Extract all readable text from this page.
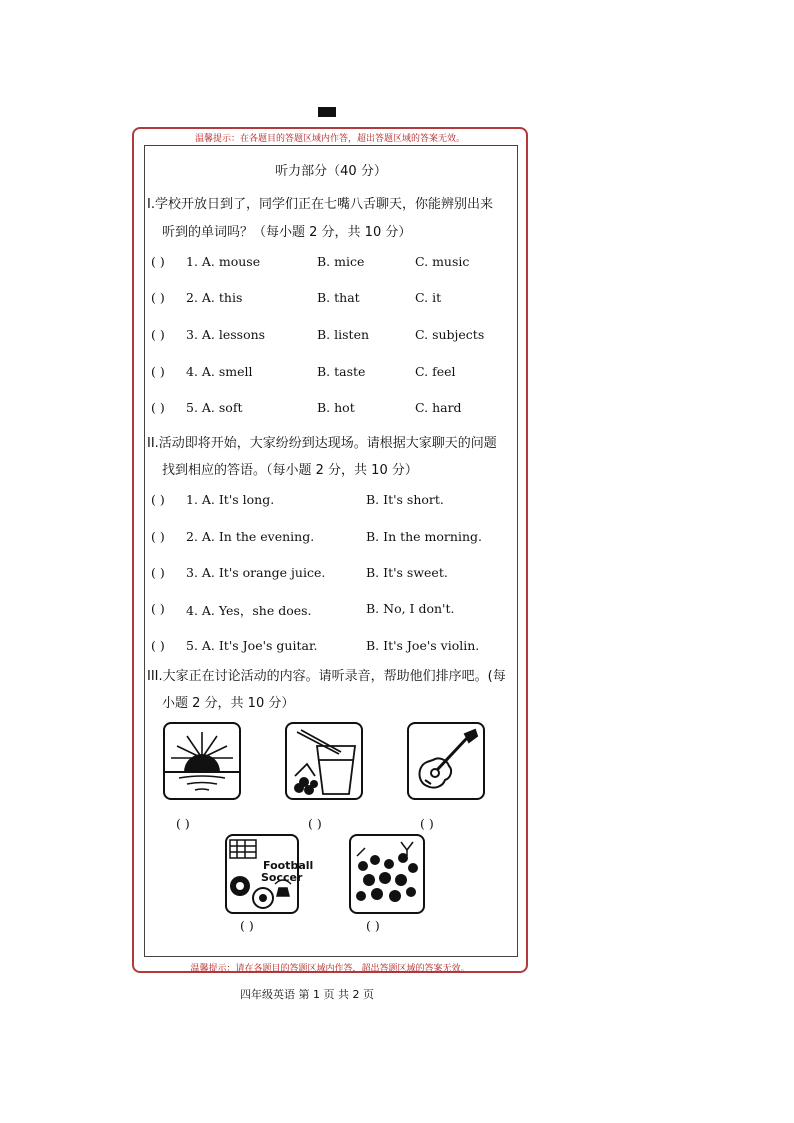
温馨提示：在各题目的答题区域内作答，超出答题区域的答案无效。
听力部分（40 分）
I.学校开放日到了，同学们正在七嘴八舌聊天，你能辨别出来
听到的单词吗？（每小题 2 分，共 10 分）
( ) 1. A. mouse	B. mice	C. music
( ) 2. A. this	B. that	C. it
( ) 3. A. lessons	B. listen	C. subjects
( ) 4. A. smell	B. taste	C. feel
( ) 5. A. soft	B. hot	C. hard
II.活动即将开始，大家纷纷到达现场。请根据大家聊天的问题
找到相应的答语。（每小题 2 分，共 10 分）
( ) 1. A. It's long.	B. It's short.
( ) 2. A. In the evening.	B. In the morning.
( ) 3. A. It's orange juice.	B. It's sweet.
( ) 4. A. Yes，she does.	B. No, I don't.
( ) 5. A. It's Joe's guitar.	B. It's Joe's violin.
III.大家正在讨论活动的内容。请听录音，帮助他们排序吧。(每
小题 2 分，共 10 分）
( )	( )	( )
Football
Soccer
( )	( )
温馨提示：请在各题目的答题区域内作答，超出答题区域的答案无效。
四年级英语 第 1 页 共 2 页
